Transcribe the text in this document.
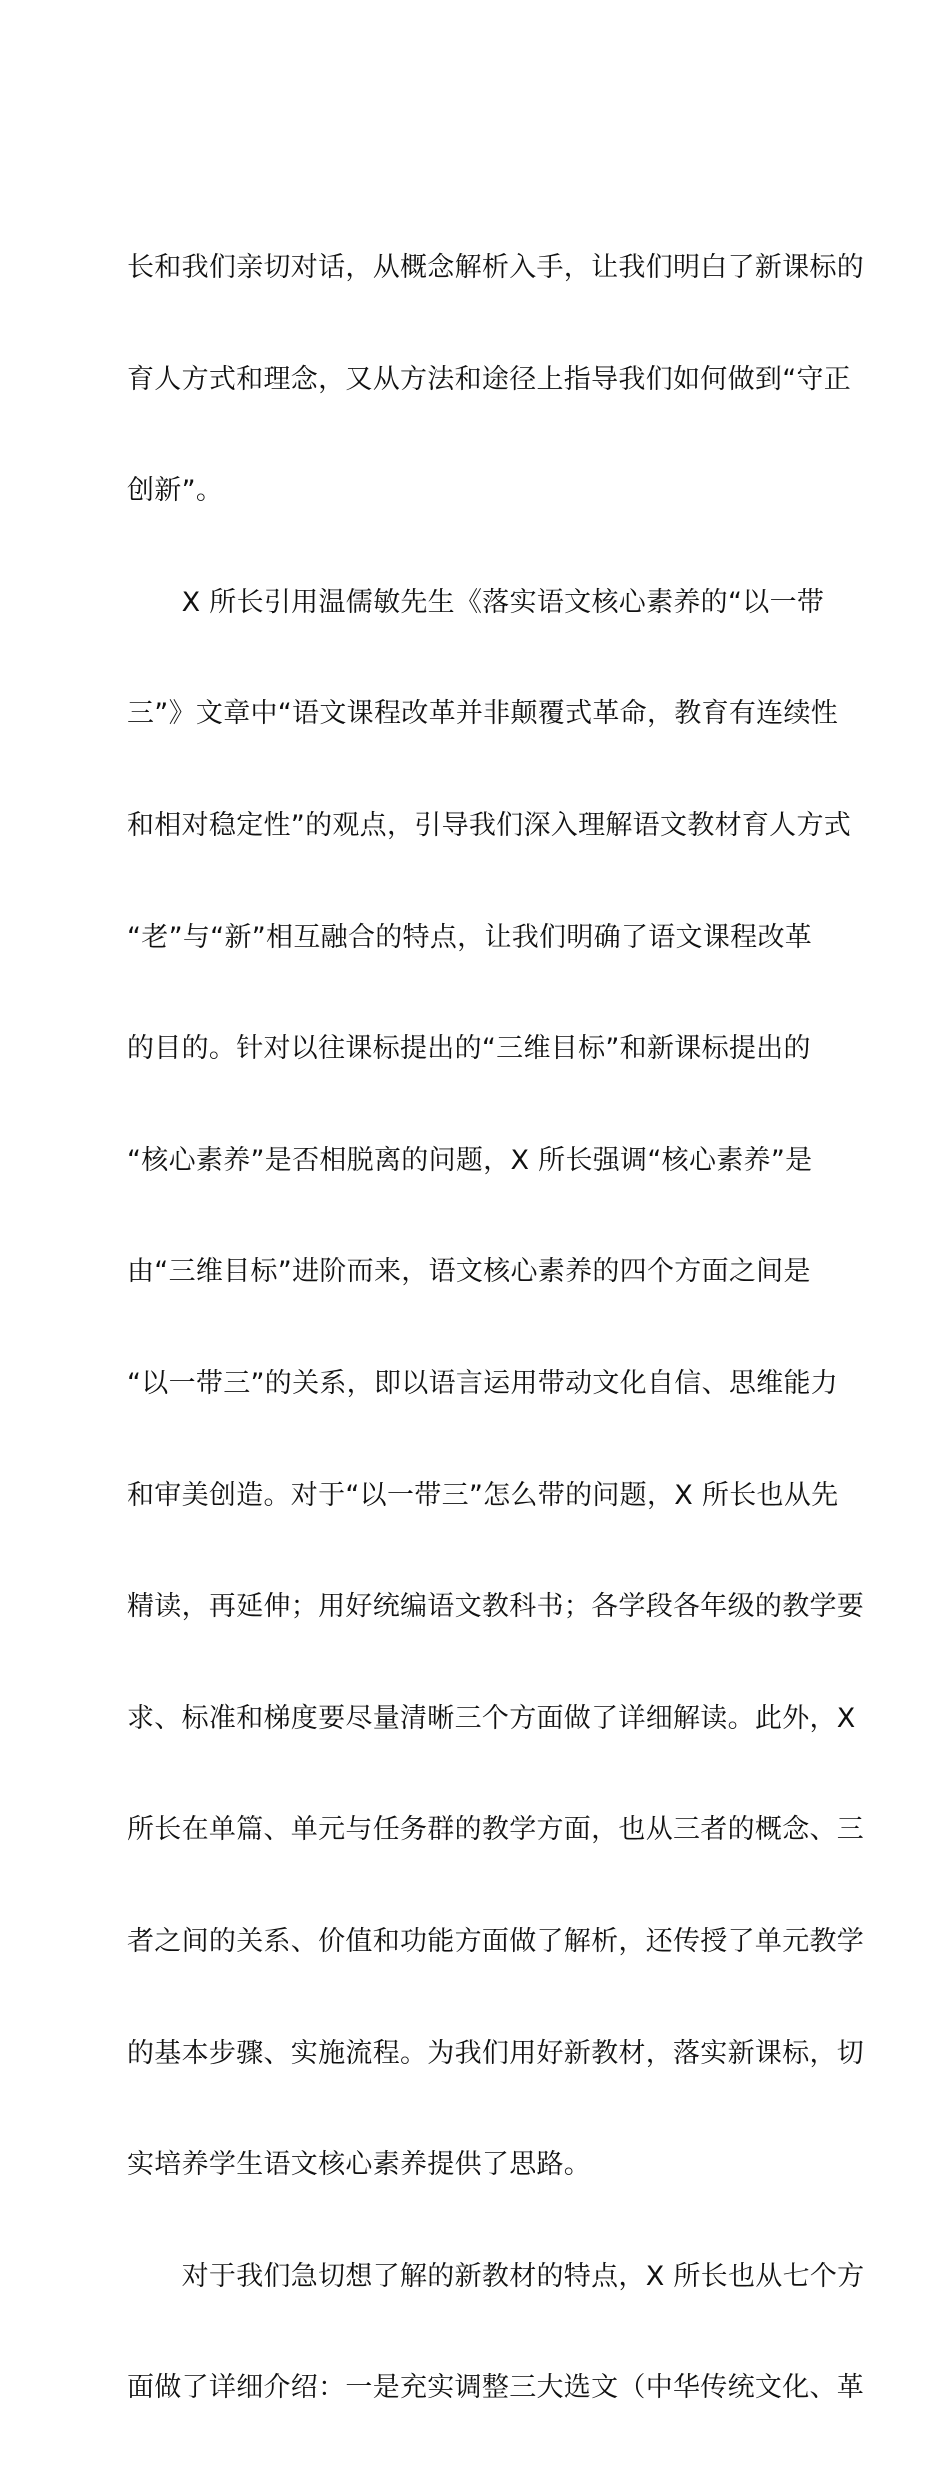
长和我们亲切对话，从概念解析入手，让我们明白了新课标的

育人方式和理念，又从方法和途径上指导我们如何做到“守正

创新”。

　　X 所长引用温儒敏先生《落实语文核心素养的“以一带

三”》文章中“语文课程改革并非颠覆式革命，教育有连续性

和相对稳定性”的观点，引导我们深入理解语文教材育人方式

“老”与“新”相互融合的特点，让我们明确了语文课程改革

的目的。针对以往课标提出的“三维目标”和新课标提出的

“核心素养”是否相脱离的问题，X 所长强调“核心素养”是

由“三维目标”进阶而来，语文核心素养的四个方面之间是

“以一带三”的关系，即以语言运用带动文化自信、思维能力

和审美创造。对于“以一带三”怎么带的问题，X 所长也从先

精读，再延伸；用好统编语文教科书；各学段各年级的教学要

求、标准和梯度要尽量清晰三个方面做了详细解读。此外，X

所长在单篇、单元与任务群的教学方面，也从三者的概念、三

者之间的关系、价值和功能方面做了解析，还传授了单元教学

的基本步骤、实施流程。为我们用好新教材，落实新课标，切

实培养学生语文核心素养提供了思路。

　　对于我们急切想了解的新教材的特点，X 所长也从七个方

面做了详细介绍：一是充实调整三大选文（中华传统文化、革
